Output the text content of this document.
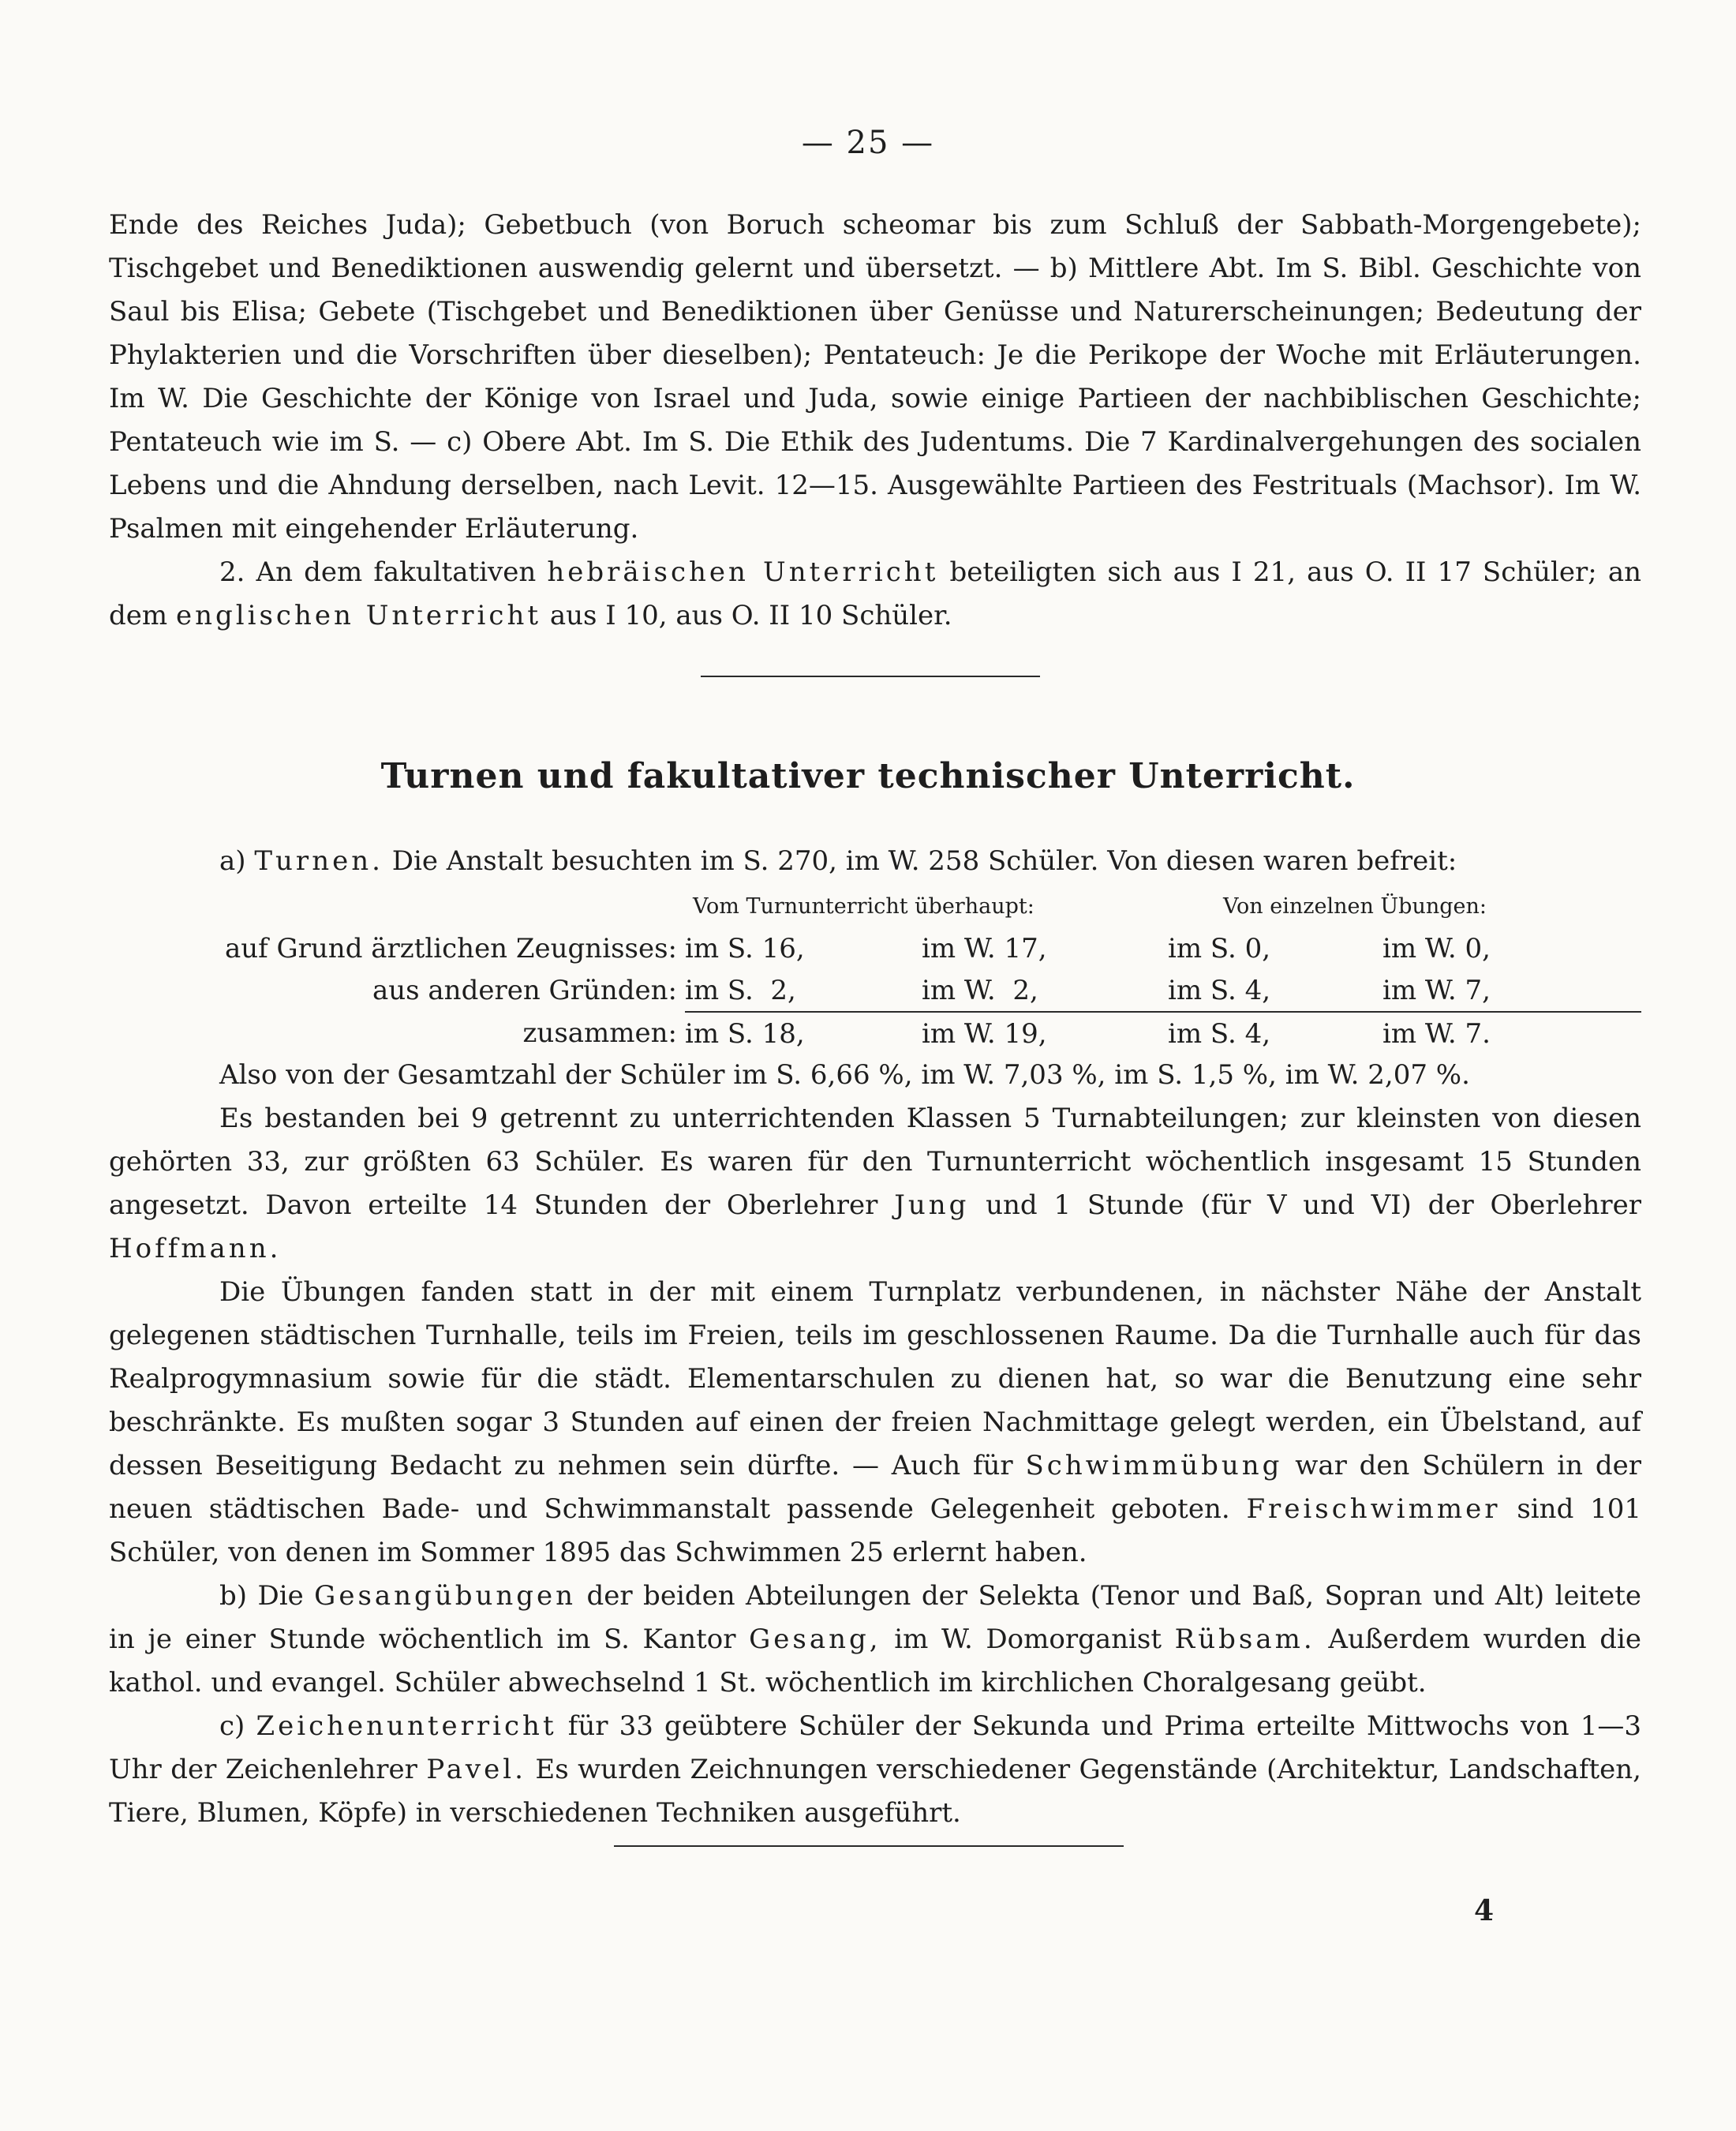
— 25 —

Ende des Reiches Juda); Gebetbuch (von Boruch scheomar bis zum Schluß der Sabbath-Morgengebete); Tischgebet und Benediktionen auswendig gelernt und übersetzt. — b) Mittlere Abt. Im S. Bibl. Geschichte von Saul bis Elisa; Gebete (Tischgebet und Benediktionen über Genüsse und Naturerscheinungen; Bedeutung der Phylakterien und die Vorschriften über dieselben); Pentateuch: Je die Perikope der Woche mit Erläuterungen. Im W. Die Geschichte der Könige von Israel und Juda, sowie einige Partieen der nachbiblischen Geschichte; Pentateuch wie im S. — c) Obere Abt. Im S. Die Ethik des Judentums. Die 7 Kardinalvergehungen des socialen Lebens und die Ahndung derselben, nach Levit. 12—15. Ausgewählte Partieen des Festrituals (Machsor). Im W. Psalmen mit eingehender Erläuterung.

2. An dem fakultativen hebräischen Unterricht beteiligten sich aus I 21, aus O. II 17 Schüler; an dem englischen Unterricht aus I 10, aus O. II 10 Schüler.

Turnen und fakultativer technischer Unterricht.

a) Turnen. Die Anstalt besuchten im S. 270, im W. 258 Schüler. Von diesen waren befreit:

	Vom Turnunterricht überhaupt:		Von einzelnen Übungen:	
auf Grund ärztlichen Zeugnisses:	im S. 16,	im W. 17,	im S. 0,	im W. 0,
aus anderen Gründen:	im S.  2,	im W.  2,	im S. 4,	im W. 7,
zusammen:	im S. 18,	im W. 19,	im S. 4,	im W. 7.

Also von der Gesamtzahl der Schüler im S. 6,66 %, im W. 7,03 %, im S. 1,5 %, im W. 2,07 %.

Es bestanden bei 9 getrennt zu unterrichtenden Klassen 5 Turnabteilungen; zur kleinsten von diesen gehörten 33, zur größten 63 Schüler. Es waren für den Turnunterricht wöchentlich insgesamt 15 Stunden angesetzt. Davon erteilte 14 Stunden der Oberlehrer Jung und 1 Stunde (für V und VI) der Oberlehrer Hoffmann.

Die Übungen fanden statt in der mit einem Turnplatz verbundenen, in nächster Nähe der Anstalt gelegenen städtischen Turnhalle, teils im Freien, teils im geschlossenen Raume. Da die Turnhalle auch für das Realprogymnasium sowie für die städt. Elementarschulen zu dienen hat, so war die Benutzung eine sehr beschränkte. Es mußten sogar 3 Stunden auf einen der freien Nachmittage gelegt werden, ein Übelstand, auf dessen Beseitigung Bedacht zu nehmen sein dürfte. — Auch für Schwimmübung war den Schülern in der neuen städtischen Bade- und Schwimmanstalt passende Gelegenheit geboten. Freischwimmer sind 101 Schüler, von denen im Sommer 1895 das Schwimmen 25 erlernt haben.

b) Die Gesangübungen der beiden Abteilungen der Selekta (Tenor und Baß, Sopran und Alt) leitete in je einer Stunde wöchentlich im S. Kantor Gesang, im W. Domorganist Rübsam. Außerdem wurden die kathol. und evangel. Schüler abwechselnd 1 St. wöchentlich im kirchlichen Choralgesang geübt.

c) Zeichenunterricht für 33 geübtere Schüler der Sekunda und Prima erteilte Mittwochs von 1—3 Uhr der Zeichenlehrer Pavel. Es wurden Zeichnungen verschiedener Gegenstände (Architektur, Landschaften, Tiere, Blumen, Köpfe) in verschiedenen Techniken ausgeführt.

4
